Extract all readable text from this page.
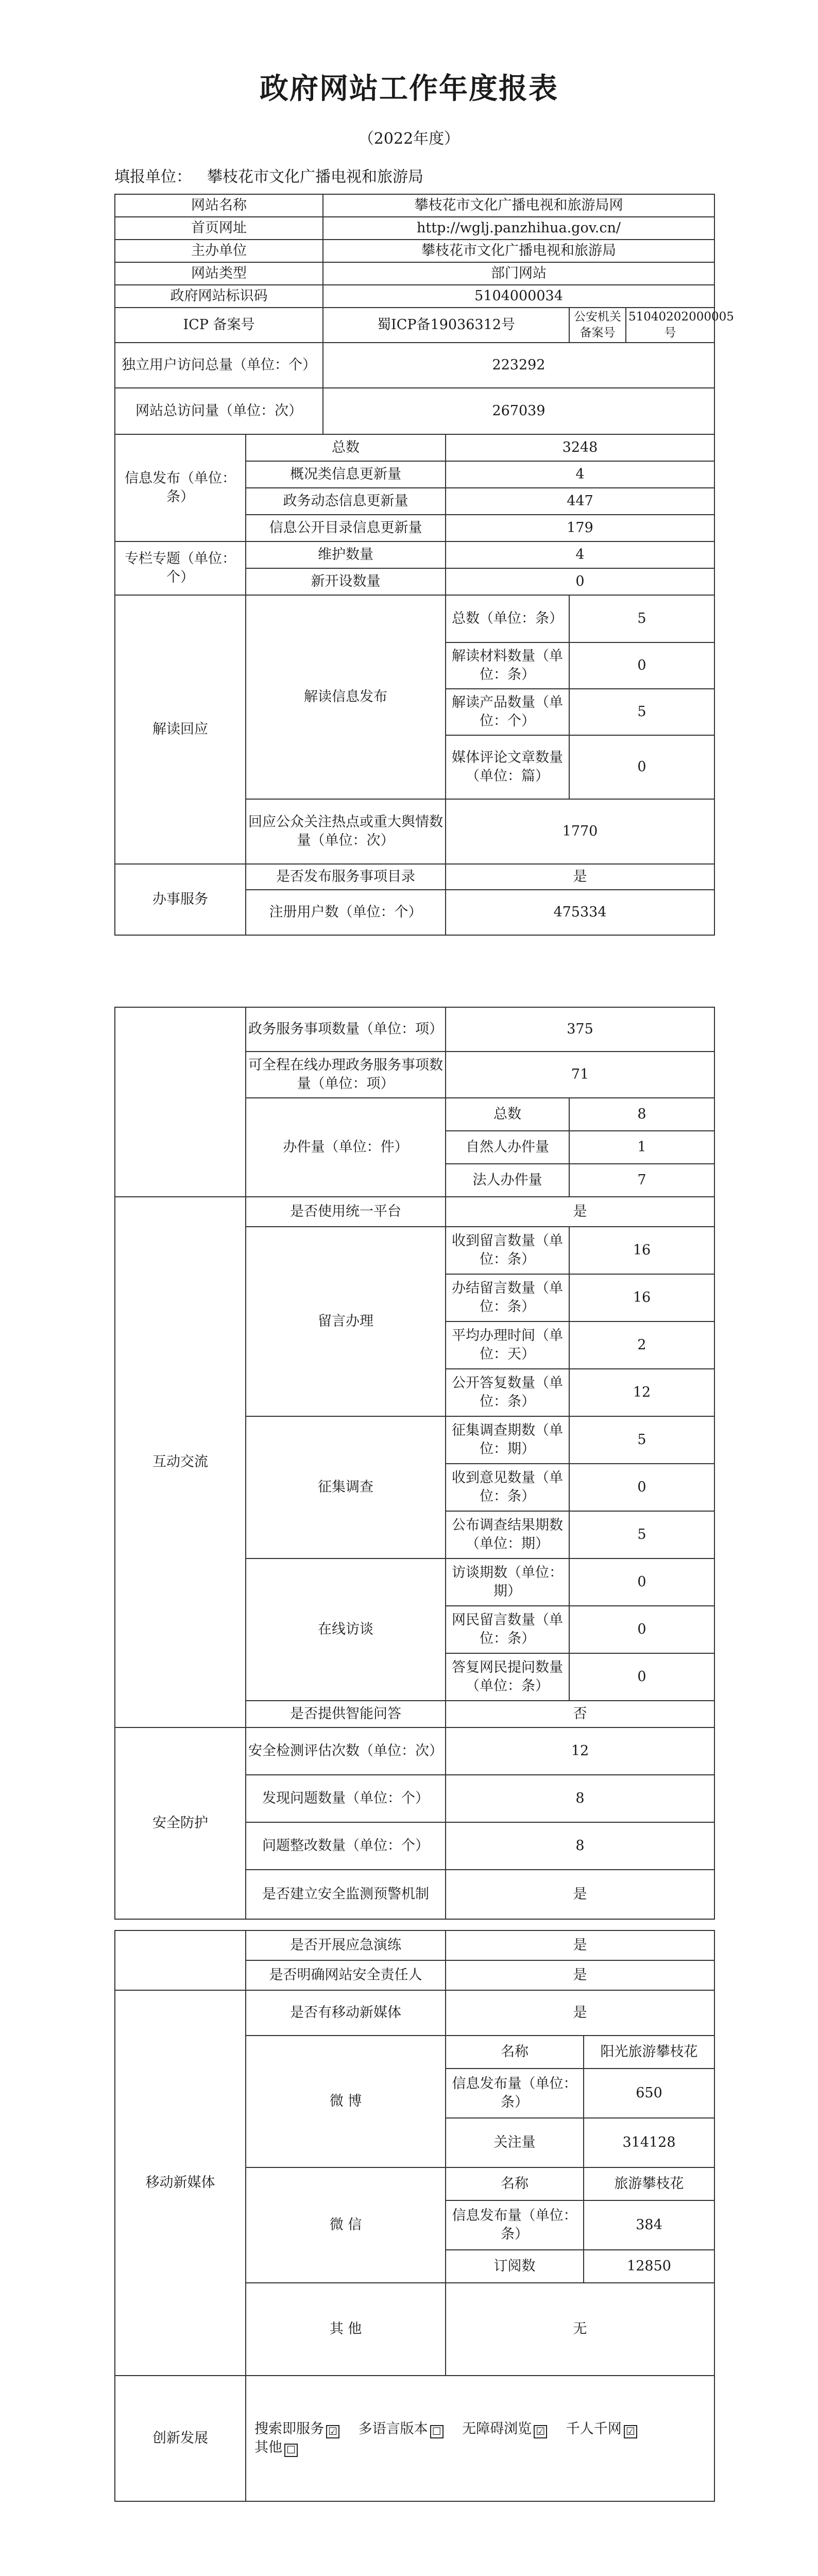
政府网站工作年度报表
（2022年度）
填报单位： 攀枝花市文化广播电视和旅游局
网站名称		攀枝花市文化广播电视和旅游局网			
首页网址		http://wglj.panzhihua.gov.cn/			
主办单位		攀枝花市文化广播电视和旅游局			
网站类型		部门网站			
政府网站标识码		5104000034			
ICP 备案号		蜀ICP备19036312号		公安机关备案号	51040202000005号
独立用户访问总量（单位：个）		223292			
网站总访问量（单位：次）		267039			
信息发布（单位：条）	总数		3248		
	概况类信息更新量		4		
	政务动态信息更新量		447		
	信息公开目录信息更新量		179		
专栏专题（单位：个）	维护数量		4		
	新开设数量		0		
解读回应	解读信息发布		总数（单位：条）	5	
			解读材料数量（单位：条）	0	
			解读产品数量（单位：个）	5	
			媒体评论文章数量（单位：篇）	0	
	回应公众关注热点或重大舆情数量（单位：次）		1770		
办事服务	是否发布服务事项目录		是		
	注册用户数（单位：个）		475334		
	政务服务事项数量（单位：项）	375	
	可全程在线办理政务服务事项数量（单位：项）	71	
	办件量（单位：件）	总数	8
		自然人办件量	1
		法人办件量	7
互动交流	是否使用统一平台	是	
	留言办理	收到留言数量（单位：条）	16
		办结留言数量（单位：条）	16
		平均办理时间（单位：天）	2
		公开答复数量（单位：条）	12
	征集调查	征集调查期数（单位：期）	5
		收到意见数量（单位：条）	0
		公布调查结果期数（单位：期）	5
	在线访谈	访谈期数（单位：期）	0
		网民留言数量（单位：条）	0
		答复网民提问数量（单位：条）	0
	是否提供智能问答	否	
安全防护	安全检测评估次数（单位：次）	12	
	发现问题数量（单位：个）	8	
	问题整改数量（单位：个）	8	
	是否建立安全监测预警机制	是	
	是否开展应急演练	是	
	是否明确网站安全责任人	是	
移动新媒体	是否有移动新媒体	是	
	微 博	名称	阳光旅游攀枝花
		信息发布量（单位：条）	650
		关注量	314128
	微 信	名称	旅游攀枝花
		信息发布量（单位：条）	384
		订阅数	12850
	其 他	无	
创新发展	搜索即服务 ☑ 多语言版本 ☐ 无障碍浏览 ☑ 千人千网 ☑ 其他 ☐		
